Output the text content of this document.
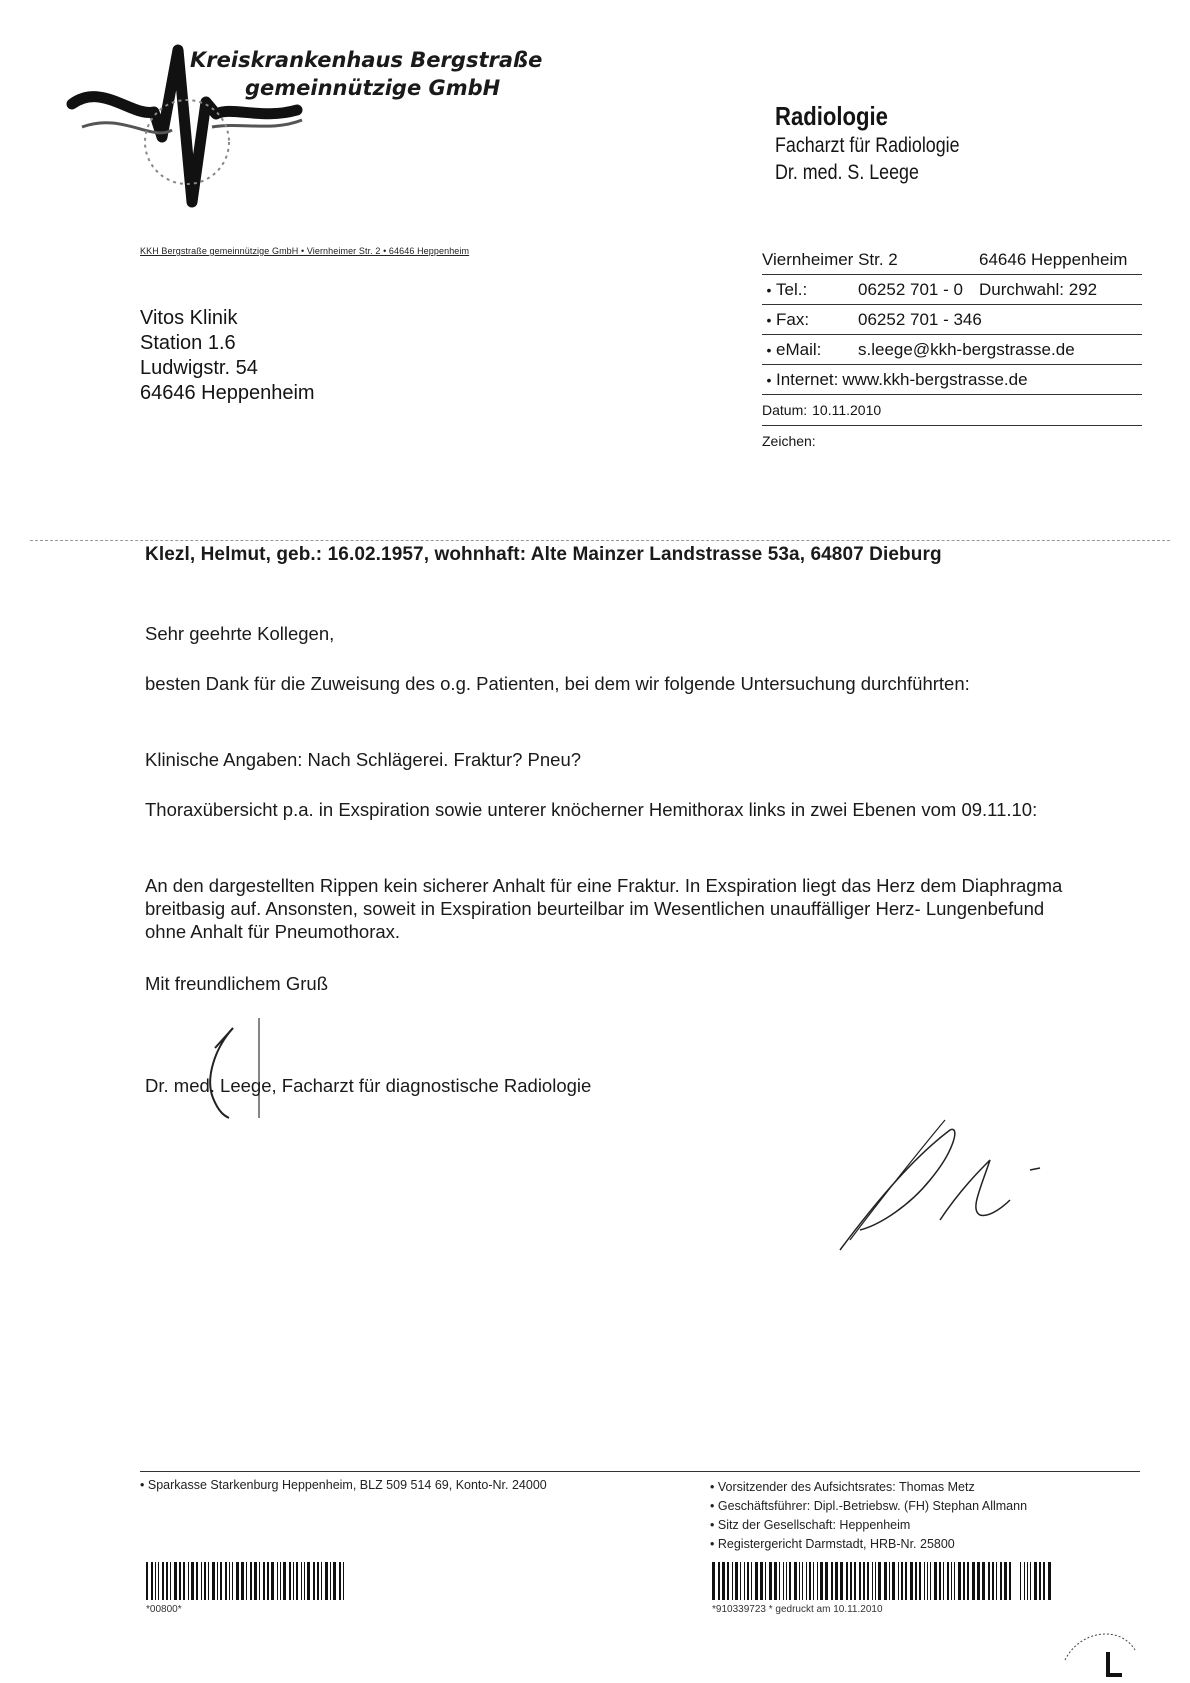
Kreiskrankenhaus Bergstraße
gemeinnützige GmbH
Radiologie
Facharzt für Radiologie
Dr. med. S. Leege
KKH Bergstraße gemeinnützige GmbH • Viernheimer Str. 2 • 64646 Heppenheim
Vitos Klinik
Station 1.6
Ludwigstr. 54
64646 Heppenheim
Viernheimer Str. 2	64646 Heppenheim
• Tel.:	06252 701 - 0 Durchwahl: 292
• Fax:	06252 701 - 346
• eMail:	s.leege@kkh-bergstrasse.de
• Internet: www.kkh-bergstrasse.de
Datum: 10.11.2010
Zeichen:
Klezl, Helmut, geb.: 16.02.1957, wohnhaft: Alte Mainzer Landstrasse 53a, 64807 Dieburg
Sehr geehrte Kollegen,
besten Dank für die Zuweisung des o.g. Patienten, bei dem wir folgende Untersuchung durchführten:
Klinische Angaben: Nach Schlägerei. Fraktur? Pneu?
Thoraxübersicht p.a. in Exspiration sowie unterer knöcherner Hemithorax links in zwei Ebenen vom 09.11.10:
An den dargestellten Rippen kein sicherer Anhalt für eine Fraktur. In Exspiration liegt das Herz dem Diaphragma breitbasig auf. Ansonsten, soweit in Exspiration beurteilbar im Wesentlichen unauffälliger Herz- Lungenbefund ohne Anhalt für Pneumothorax.
Mit freundlichem Gruß
Dr. med. Leege, Facharzt für diagnostische Radiologie
• Sparkasse Starkenburg Heppenheim, BLZ 509 514 69, Konto-Nr. 24000	• Vorsitzender des Aufsichtsrates: Thomas Metz
• Geschäftsführer: Dipl.-Betriebsw. (FH) Stephan Allmann
• Sitz der Gesellschaft: Heppenheim
• Registergericht Darmstadt, HRB-Nr. 25800
*00800*	*910339723 * gedruckt am 10.11.2010
